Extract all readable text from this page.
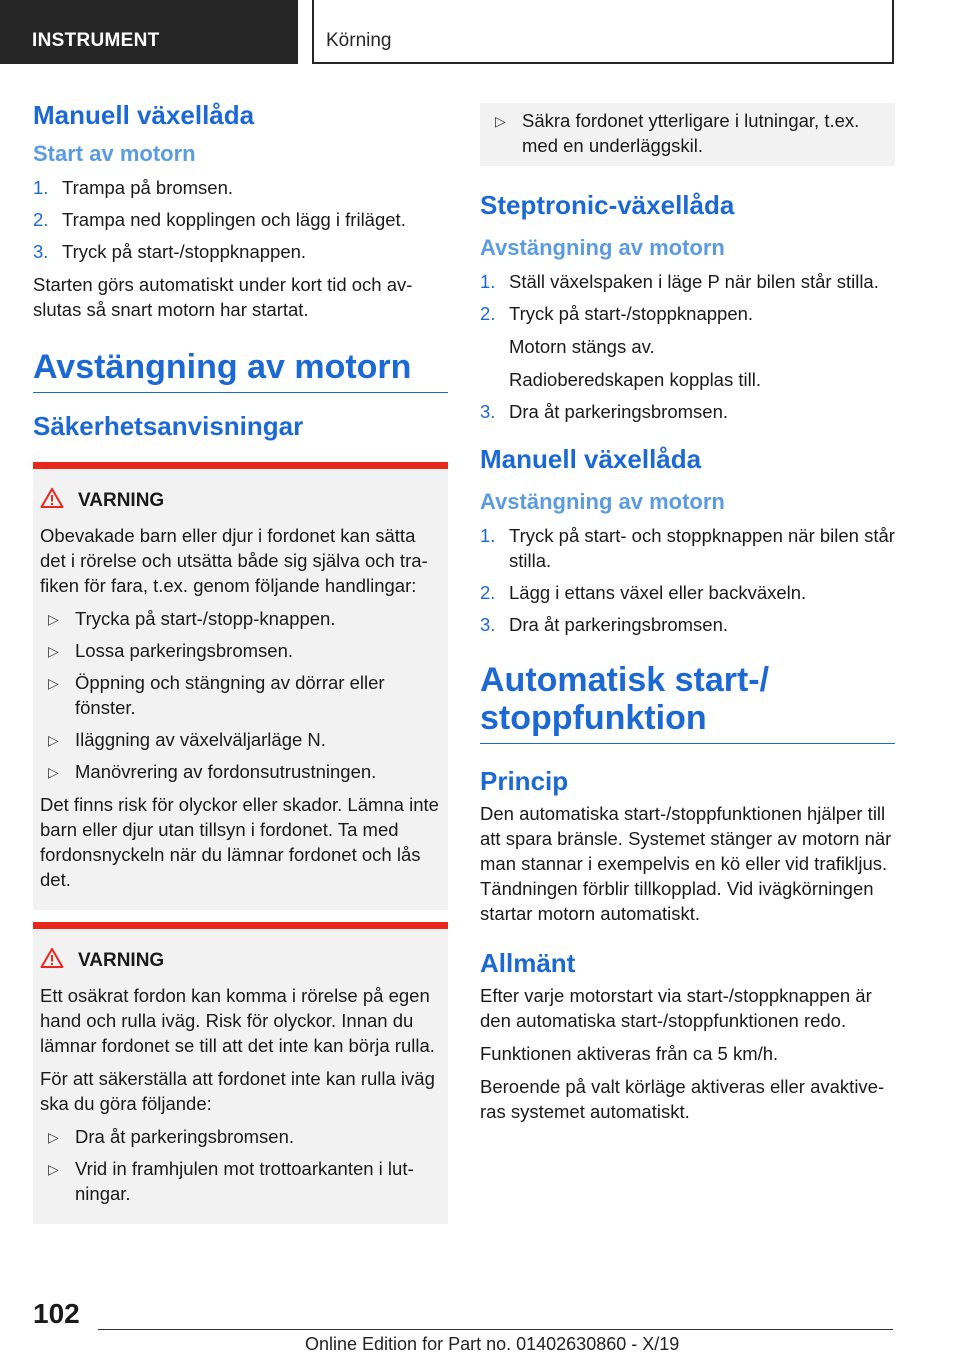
INSTRUMENT	Körning
Manuell växellåda
Start av motorn
1. Trampa på bromsen.
2. Trampa ned kopplingen och lägg i friläget.
3. Tryck på start-/stoppknappen.
Starten görs automatiskt under kort tid och avslutas så snart motorn har startat.
Avstängning av motorn
Säkerhetsanvisningar
VARNING
Obevakade barn eller djur i fordonet kan sätta det i rörelse och utsätta både sig själva och trafiken för fara, t.ex. genom följande handlingar:
▷ Trycka på start-/stopp-knappen.
▷ Lossa parkeringsbromsen.
▷ Öppning och stängning av dörrar eller fönster.
▷ Iläggning av växelväljarläge N.
▷ Manövrering av fordonsutrustningen.
Det finns risk för olyckor eller skador. Lämna inte barn eller djur utan tillsyn i fordonet. Ta med fordonsnyckeln när du lämnar fordonet och lås det.
VARNING
Ett osäkrat fordon kan komma i rörelse på egen hand och rulla iväg. Risk för olyckor. Innan du lämnar fordonet se till att det inte kan börja rulla.
För att säkerställa att fordonet inte kan rulla iväg ska du göra följande:
▷ Dra åt parkeringsbromsen.
▷ Vrid in framhjulen mot trottoarkanten i lutningar.
▷ Säkra fordonet ytterligare i lutningar, t.ex. med en underläggskil.
Steptronic-växellåda
Avstängning av motorn
1. Ställ växelspaken i läge P när bilen står stilla.
2. Tryck på start-/stoppknappen.
Motorn stängs av.
Radioberedskapen kopplas till.
3. Dra åt parkeringsbromsen.
Manuell växellåda
Avstängning av motorn
1. Tryck på start- och stoppknappen när bilen står stilla.
2. Lägg i ettans växel eller backväxeln.
3. Dra åt parkeringsbromsen.
Automatisk start-/ stoppfunktion
Princip
Den automatiska start-/stoppfunktionen hjälper till att spara bränsle. Systemet stänger av motorn när man stannar i exempelvis en kö eller vid trafikljus. Tändningen förblir tillkopplad. Vid ivägkörningen startar motorn automatiskt.
Allmänt
Efter varje motorstart via start-/stoppknappen är den automatiska start-/stoppfunktionen redo.
Funktionen aktiveras från ca 5 km/h.
Beroende på valt körläge aktiveras eller avaktiveras systemet automatiskt.
102
Online Edition for Part no. 01402630860 - X/19
